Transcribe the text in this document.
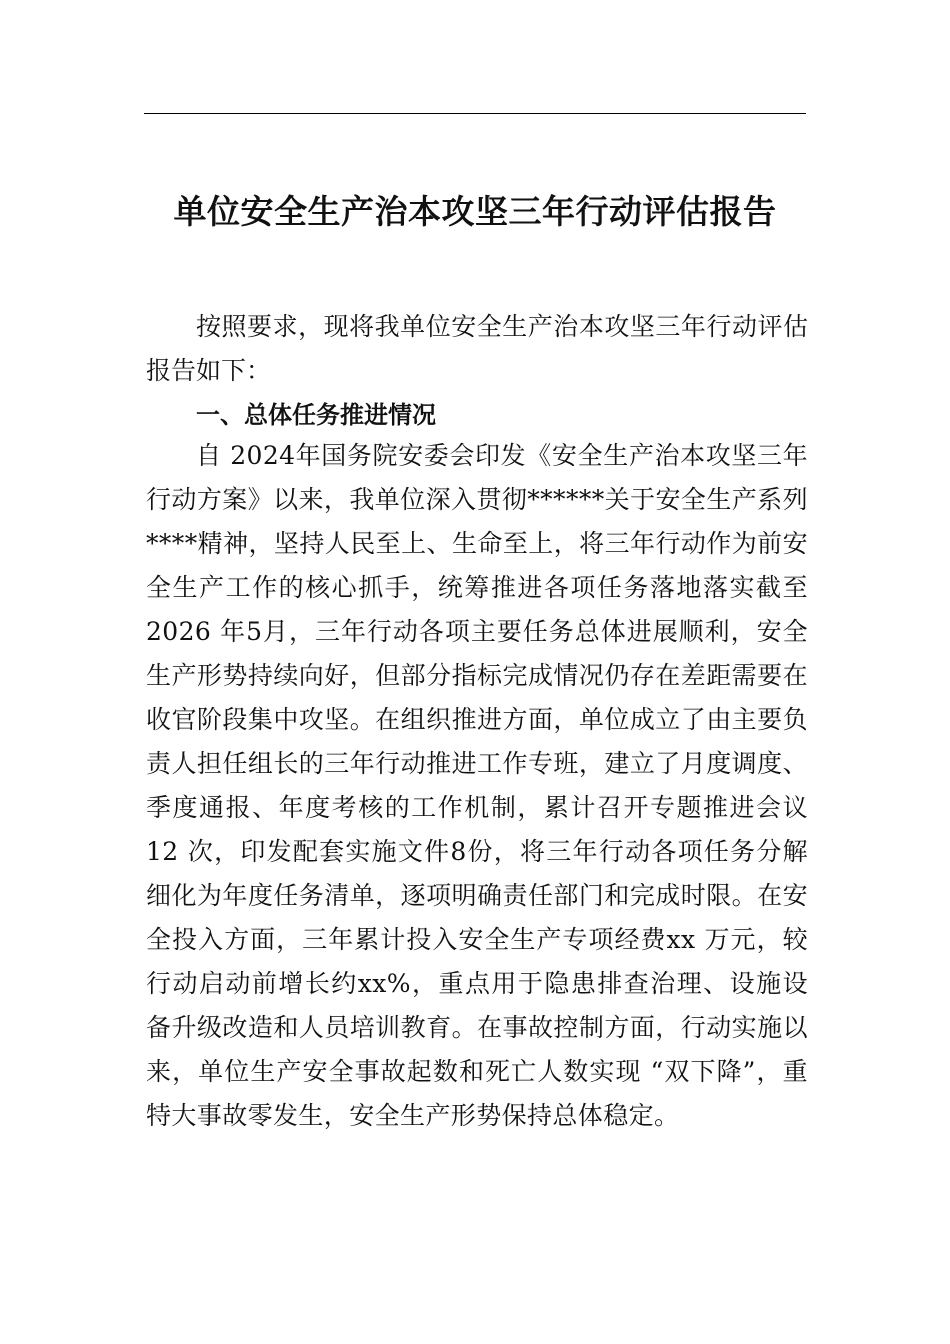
单位安全生产治本攻坚三年行动评估报告
按照要求，现将我单位安全生产治本攻坚三年行动评估报告如下：
一、总体任务推进情况
自 2024年国务院安委会印发《安全生产治本攻坚三年行动方案》以来，我单位深入贯彻******关于安全生产系列****精神，坚持人民至上、生命至上，将三年行动作为前安全生产工作的核心抓手，统筹推进各项任务落地落实截至2026 年5月，三年行动各项主要任务总体进展顺利，安全生产形势持续向好，但部分指标完成情况仍存在差距需要在收官阶段集中攻坚。在组织推进方面，单位成立了由主要负责人担任组长的三年行动推进工作专班，建立了月度调度、季度通报、年度考核的工作机制，累计召开专题推进会议12 次，印发配套实施文件8份，将三年行动各项任务分解细化为年度任务清单，逐项明确责任部门和完成时限。在安全投入方面，三年累计投入安全生产专项经费xx 万元，较行动启动前增长约xx%，重点用于隐患排查治理、设施设备升级改造和人员培训教育。在事故控制方面，行动实施以来，单位生产安全事故起数和死亡人数实现 “双下降”，重特大事故零发生，安全生产形势保持总体稳定。
